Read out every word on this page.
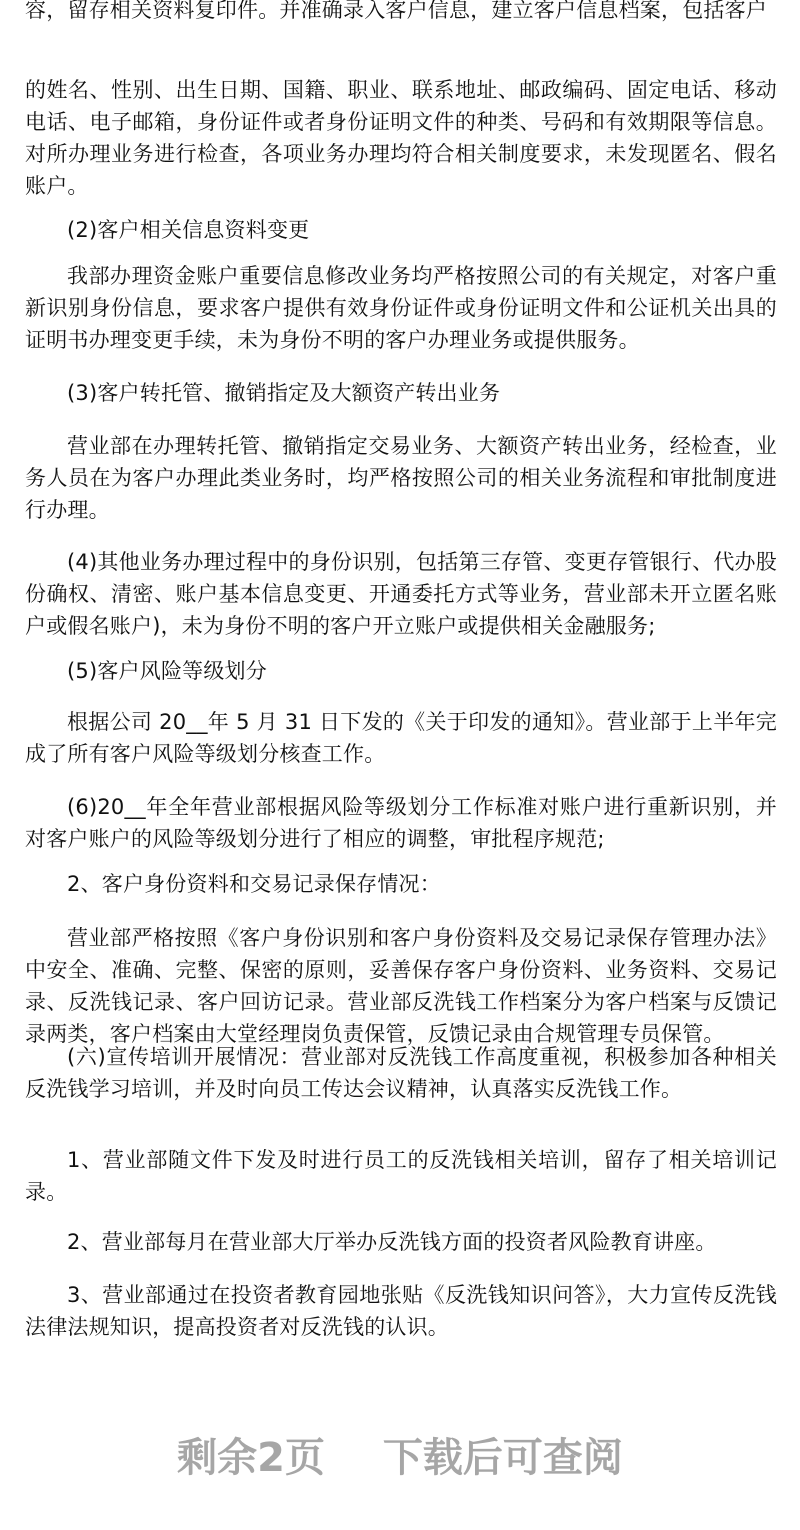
容，留存相关资料复印件。并准确录入客户信息，建立客户信息档案，包括客户
的姓名、性别、出生日期、国籍、职业、联系地址、邮政编码、固定电话、移动电话、电子邮箱，身份证件或者身份证明文件的种类、号码和有效期限等信息。对所办理业务进行检查，各项业务办理均符合相关制度要求，未发现匿名、假名账户。
(2)客户相关信息资料变更
我部办理资金账户重要信息修改业务均严格按照公司的有关规定，对客户重新识别身份信息，要求客户提供有效身份证件或身份证明文件和公证机关出具的证明书办理变更手续，未为身份不明的客户办理业务或提供服务。
(3)客户转托管、撤销指定及大额资产转出业务
营业部在办理转托管、撤销指定交易业务、大额资产转出业务，经检查，业务人员在为客户办理此类业务时，均严格按照公司的相关业务流程和审批制度进行办理。
(4)其他业务办理过程中的身份识别，包括第三存管、变更存管银行、代办股份确权、清密、账户基本信息变更、开通委托方式等业务，营业部未开立匿名账户或假名账户)，未为身份不明的客户开立账户或提供相关金融服务;
(5)客户风险等级划分
根据公司 20__年 5 月 31 日下发的《关于印发的通知》。营业部于上半年完成了所有客户风险等级划分核查工作。
(6)20__年全年营业部根据风险等级划分工作标准对账户进行重新识别，并对客户账户的风险等级划分进行了相应的调整，审批程序规范;
2、客户身份资料和交易记录保存情况：
营业部严格按照《客户身份识别和客户身份资料及交易记录保存管理办法》中安全、准确、完整、保密的原则，妥善保存客户身份资料、业务资料、交易记录、反洗钱记录、客户回访记录。营业部反洗钱工作档案分为客户档案与反馈记录两类，客户档案由大堂经理岗负责保管，反馈记录由合规管理专员保管。
(六)宣传培训开展情况：营业部对反洗钱工作高度重视，积极参加各种相关反洗钱学习培训，并及时向员工传达会议精神，认真落实反洗钱工作。
1、营业部随文件下发及时进行员工的反洗钱相关培训，留存了相关培训记录。
2、营业部每月在营业部大厅举办反洗钱方面的投资者风险教育讲座。
3、营业部通过在投资者教育园地张贴《反洗钱知识问答》，大力宣传反洗钱法律法规知识，提高投资者对反洗钱的认识。
剩余2页 下载后可查阅
